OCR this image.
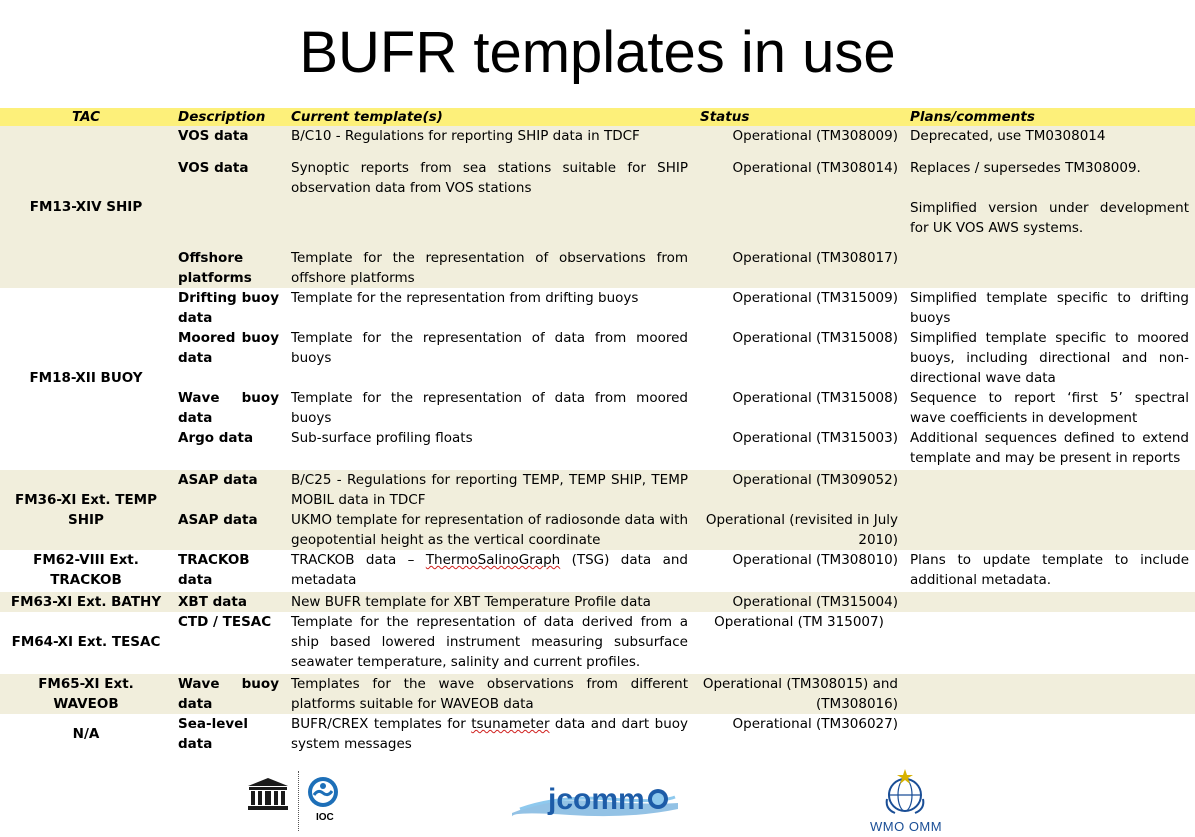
BUFR templates in use
TAC	Description	Current template(s)	Status	Plans/comments
FM13-XIV SHIP	VOS data	B/C10 - Regulations for reporting SHIP data in TDCF	Operational (TM308009)	Deprecated, use TM0308014
	VOS data	Synoptic reports from sea stations suitable for SHIP observation data from VOS stations	Operational (TM308014)	Replaces / supersedes TM308009.
Simplified version under development for UK VOS AWS systems.
	Offshore platforms	Template for the representation of observations from offshore platforms	Operational (TM308017)	
FM18-XII BUOY	Drifting buoy data	Template for the representation from drifting buoys	Operational (TM315009)	Simplified template specific to drifting buoys
	Moored buoy data	Template for the representation of data from moored buoys	Operational (TM315008)	Simplified template specific to moored buoys, including directional and non-directional wave data
	Wave buoy data	Template for the representation of data from moored buoys	Operational (TM315008)	Sequence to report ‘first 5’ spectral wave coefficients in development
	Argo data	Sub-surface profiling floats	Operational (TM315003)	Additional sequences defined to extend template and may be present in reports
FM36-XI Ext. TEMP SHIP	ASAP data	B/C25 - Regulations for reporting TEMP, TEMP SHIP, TEMP MOBIL data in TDCF	Operational (TM309052)	
	ASAP data	UKMO template for representation of radiosonde data with geopotential height as the vertical coordinate	Operational (revisited in July 2010)	
FM62-VIII Ext. TRACKOB	TRACKOB data	TRACKOB data – ThermoSalinoGraph (TSG) data and metadata	Operational (TM308010)	Plans to update template to include additional metadata.
FM63-XI Ext. BATHY	XBT data	New BUFR template for XBT Temperature Profile data	Operational (TM315004)	
FM64-XI Ext. TESAC	CTD / TESAC	Template for the representation of data derived from a ship based lowered instrument measuring subsurface seawater temperature, salinity and current profiles.	Operational (TM 315007)	
FM65-XI Ext. WAVEOB	Wave buoy data	Templates for the wave observations from different platforms suitable for WAVEOB data	Operational (TM308015) and (TM308016)	
N/A	Sea-level data	BUFR/CREX templates for tsunameter data and dart buoy system messages	Operational (TM306027)	
IOC
jcomm
WMO OMM
